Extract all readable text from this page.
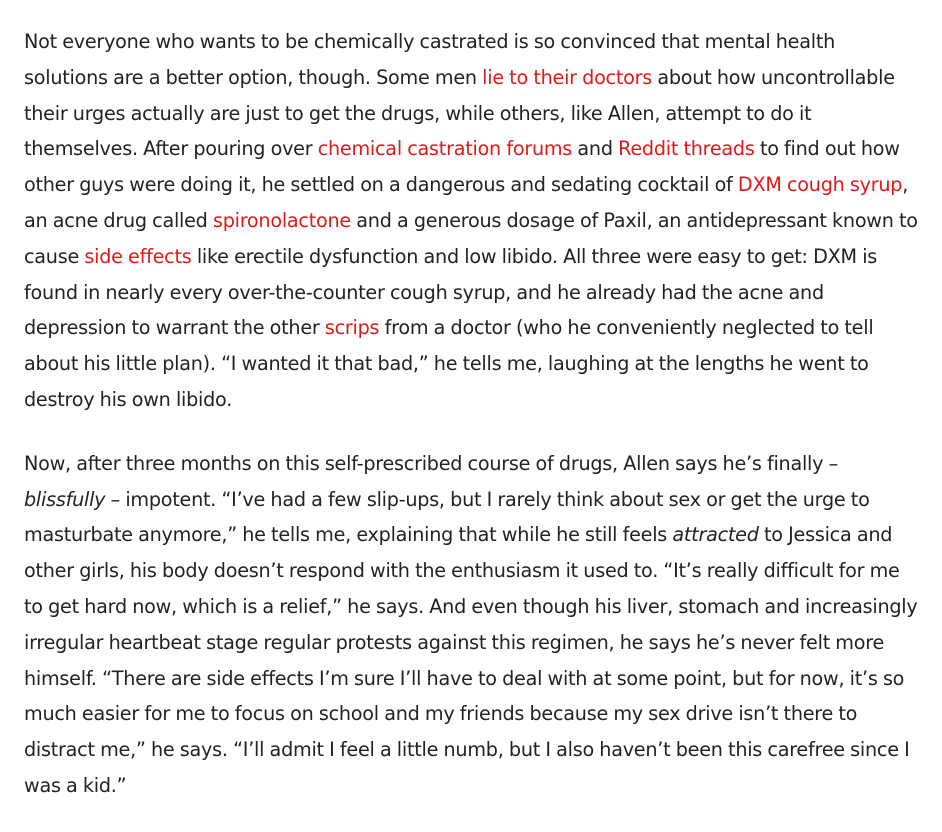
Not everyone who wants to be chemically castrated is so convinced that mental health solutions are a better option, though. Some men lie to their doctors about how uncontrollable their urges actually are just to get the drugs, while others, like Allen, attempt to do it themselves. After pouring over chemical castration forums and Reddit threads to find out how other guys were doing it, he settled on a dangerous and sedating cocktail of DXM cough syrup, an acne drug called spironolactone and a generous dosage of Paxil, an antidepressant known to cause side effects like erectile dysfunction and low libido. All three were easy to get: DXM is found in nearly every over-the-counter cough syrup, and he already had the acne and depression to warrant the other scrips from a doctor (who he conveniently neglected to tell about his little plan). “I wanted it that bad,” he tells me, laughing at the lengths he went to destroy his own libido.

Now, after three months on this self-prescribed course of drugs, Allen says he’s finally – blissfully – impotent. “I’ve had a few slip-ups, but I rarely think about sex or get the urge to masturbate anymore,” he tells me, explaining that while he still feels attracted to Jessica and other girls, his body doesn’t respond with the enthusiasm it used to. “It’s really difficult for me to get hard now, which is a relief,” he says. And even though his liver, stomach and increasingly irregular heartbeat stage regular protests against this regimen, he says he’s never felt more himself. “There are side effects I’m sure I’ll have to deal with at some point, but for now, it’s so much easier for me to focus on school and my friends because my sex drive isn’t there to distract me,” he says. “I’ll admit I feel a little numb, but I also haven’t been this carefree since I was a kid.”
